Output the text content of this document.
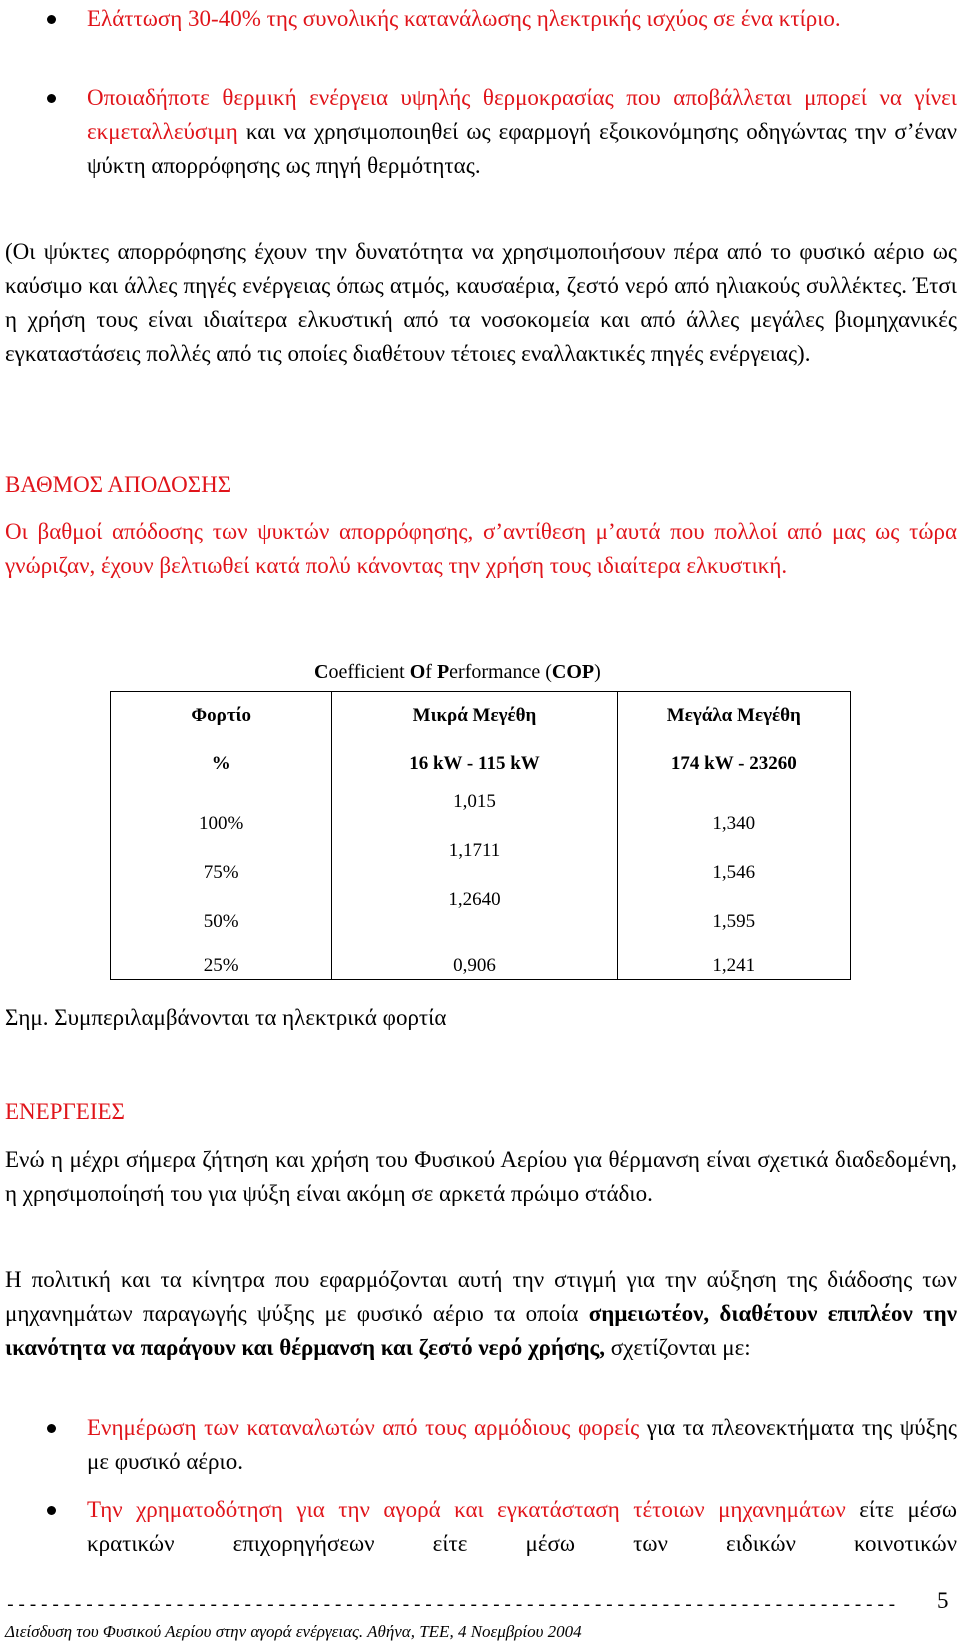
Ελάττωση 30-40% της συνολικής κατανάλωσης ηλεκτρικής ισχύος σε ένα κτίριο.
Οποιαδήποτε θερμική ενέργεια υψηλής θερμοκρασίας που αποβάλλεται μπορεί να γίνει εκμεταλλεύσιμη και να χρησιμοποιηθεί ως εφαρμογή εξοικονόμησης οδηγώντας την σ’έναν ψύκτη απορρόφησης ως πηγή θερμότητας.
(Οι ψύκτες απορρόφησης έχουν την δυνατότητα να χρησιμοποιήσουν πέρα από το φυσικό αέριο ως καύσιμο και άλλες πηγές ενέργειας όπως ατμός, καυσαέρια, ζεστό νερό από ηλιακούς συλλέκτες. Έτσι η χρήση τους είναι ιδιαίτερα ελκυστική από τα νοσοκομεία και από άλλες μεγάλες βιομηχανικές εγκαταστάσεις πολλές από τις οποίες διαθέτουν τέτοιες εναλλακτικές πηγές ενέργειας).
ΒΑΘΜΟΣ ΑΠΟΔΟΣΗΣ
Οι βαθμοί απόδοσης των ψυκτών απορρόφησης, σ’αντίθεση μ’αυτά που πολλοί από μας ως τώρα γνώριζαν, έχουν βελτιωθεί κατά πολύ κάνοντας την χρήση τους ιδιαίτερα ελκυστική.
Coefficient Of Performance (COP)
Φορτίο	Μικρά Μεγέθη	Μεγάλα Μεγέθη
%	16 kW - 115 kW	174 kW - 23260

100%	1,015	1,340

75%	1,1711	1,546

50%	1,2640	1,595

25%	0,906	1,241
Σημ. Συμπεριλαμβάνονται τα ηλεκτρικά φορτία
ΕΝΕΡΓΕΙΕΣ
Ενώ η μέχρι σήμερα ζήτηση και χρήση του Φυσικού Αερίου για θέρμανση είναι σχετικά διαδεδομένη, η χρησιμοποίησή του για ψύξη είναι ακόμη σε αρκετά πρώιμο στάδιο.
Η πολιτική και τα κίνητρα που εφαρμόζονται αυτή την στιγμή για την αύξηση της διάδοσης των μηχανημάτων παραγωγής ψύξης με φυσικό αέριο τα οποία σημειωτέον, διαθέτουν επιπλέον την ικανότητα να παράγουν και θέρμανση και ζεστό νερό χρήσης, σχετίζονται με:
Ενημέρωση των καταναλωτών από τους αρμόδιους φορείς για τα πλεονεκτήματα της ψύξης με φυσικό αέριο.
Την χρηματοδότηση για την αγορά και εγκατάσταση τέτοιων μηχανημάτων είτε μέσω κρατικών επιχορηγήσεων είτε μέσω των ειδικών κοινοτικών
------------------------------------------------------------------------------- 5
Διείσδυση του Φυσικού Αερίου στην αγορά ενέργειας. Αθήνα, ΤΕΕ, 4 Νοεμβρίου 2004
